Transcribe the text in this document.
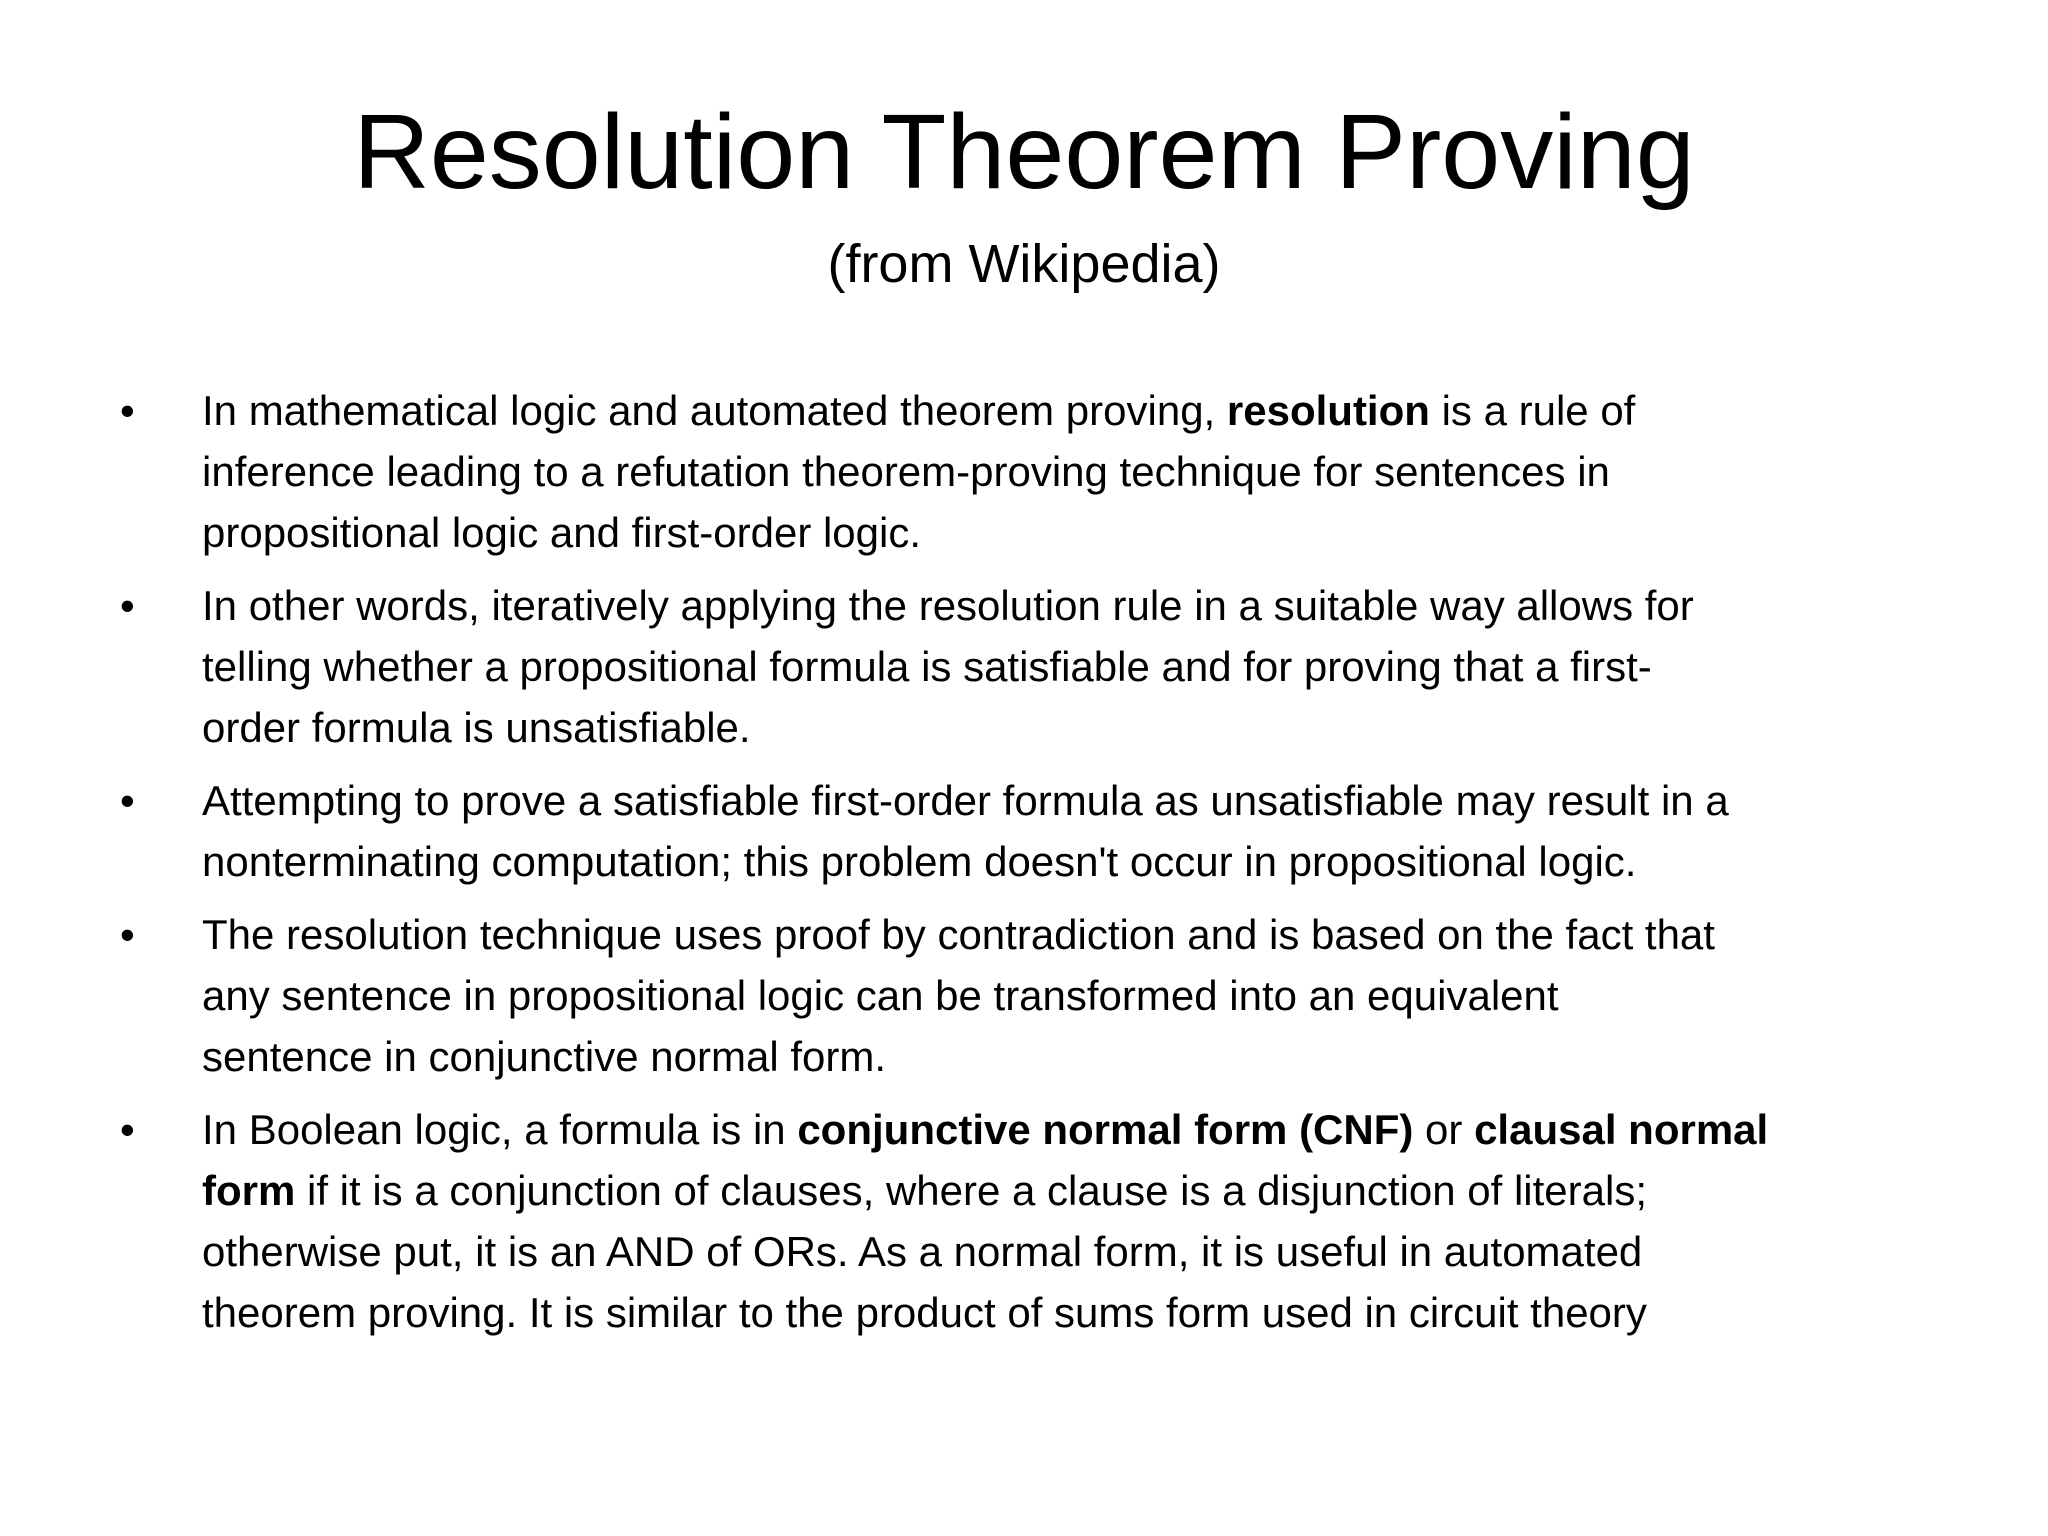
Resolution Theorem Proving

(from Wikipedia)

•	In mathematical logic and automated theorem proving, resolution is a rule of
inference leading to a refutation theorem-proving technique for sentences in
propositional logic and first-order logic.
•	In other words, iteratively applying the resolution rule in a suitable way allows for
telling whether a propositional formula is satisfiable and for proving that a first-
order formula is unsatisfiable.
•	Attempting to prove a satisfiable first-order formula as unsatisfiable may result in a
nonterminating computation; this problem doesn't occur in propositional logic.
•	The resolution technique uses proof by contradiction and is based on the fact that
any sentence in propositional logic can be transformed into an equivalent
sentence in conjunctive normal form.
•	In Boolean logic, a formula is in conjunctive normal form (CNF) or clausal normal
form if it is a conjunction of clauses, where a clause is a disjunction of literals;
otherwise put, it is an AND of ORs. As a normal form, it is useful in automated
theorem proving. It is similar to the product of sums form used in circuit theory
